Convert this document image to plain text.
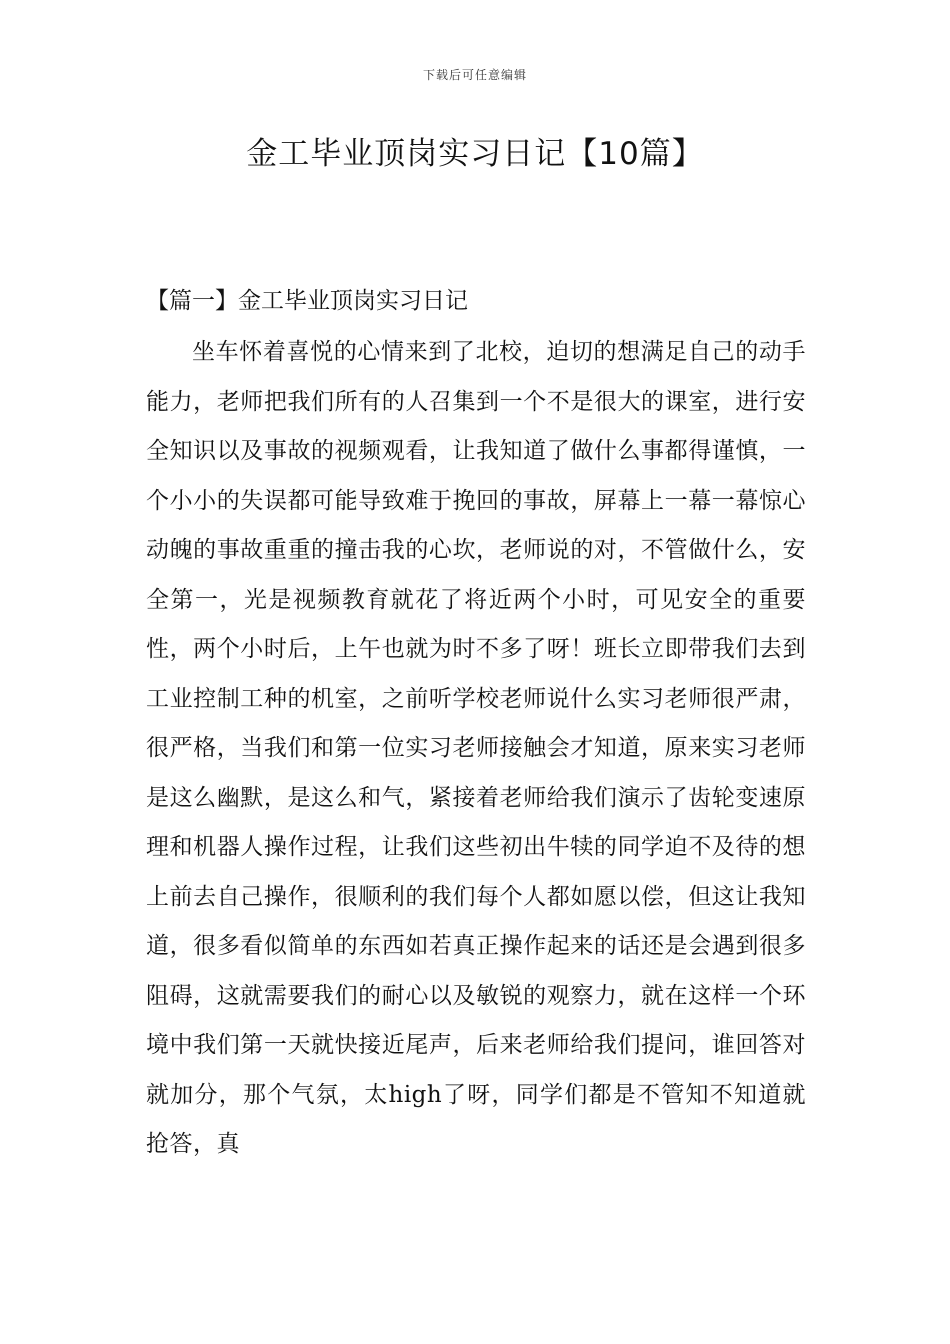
下载后可任意编辑
金工毕业顶岗实习日记【10篇】
【篇一】金工毕业顶岗实习日记

坐车怀着喜悦的心情来到了北校，迫切的想满足自己的动手能力，老师把我们所有的人召集到一个不是很大的课室，进行安全知识以及事故的视频观看，让我知道了做什么事都得谨慎，一个小小的失误都可能导致难于挽回的事故，屏幕上一幕一幕惊心动魄的事故重重的撞击我的心坎，老师说的对，不管做什么，安全第一，光是视频教育就花了将近两个小时，可见安全的重要性，两个小时后，上午也就为时不多了呀！班长立即带我们去到工业控制工种的机室，之前听学校老师说什么实习老师很严肃，很严格，当我们和第一位实习老师接触会才知道，原来实习老师是这么幽默，是这么和气，紧接着老师给我们演示了齿轮变速原理和机器人操作过程，让我们这些初出牛犊的同学迫不及待的想上前去自己操作，很顺利的我们每个人都如愿以偿，但这让我知道，很多看似简单的东西如若真正操作起来的话还是会遇到很多阻碍，这就需要我们的耐心以及敏锐的观察力，就在这样一个环境中我们第一天就快接近尾声，后来老师给我们提问，谁回答对就加分，那个气氛，太high了呀，同学们都是不管知不知道就抢答，真
